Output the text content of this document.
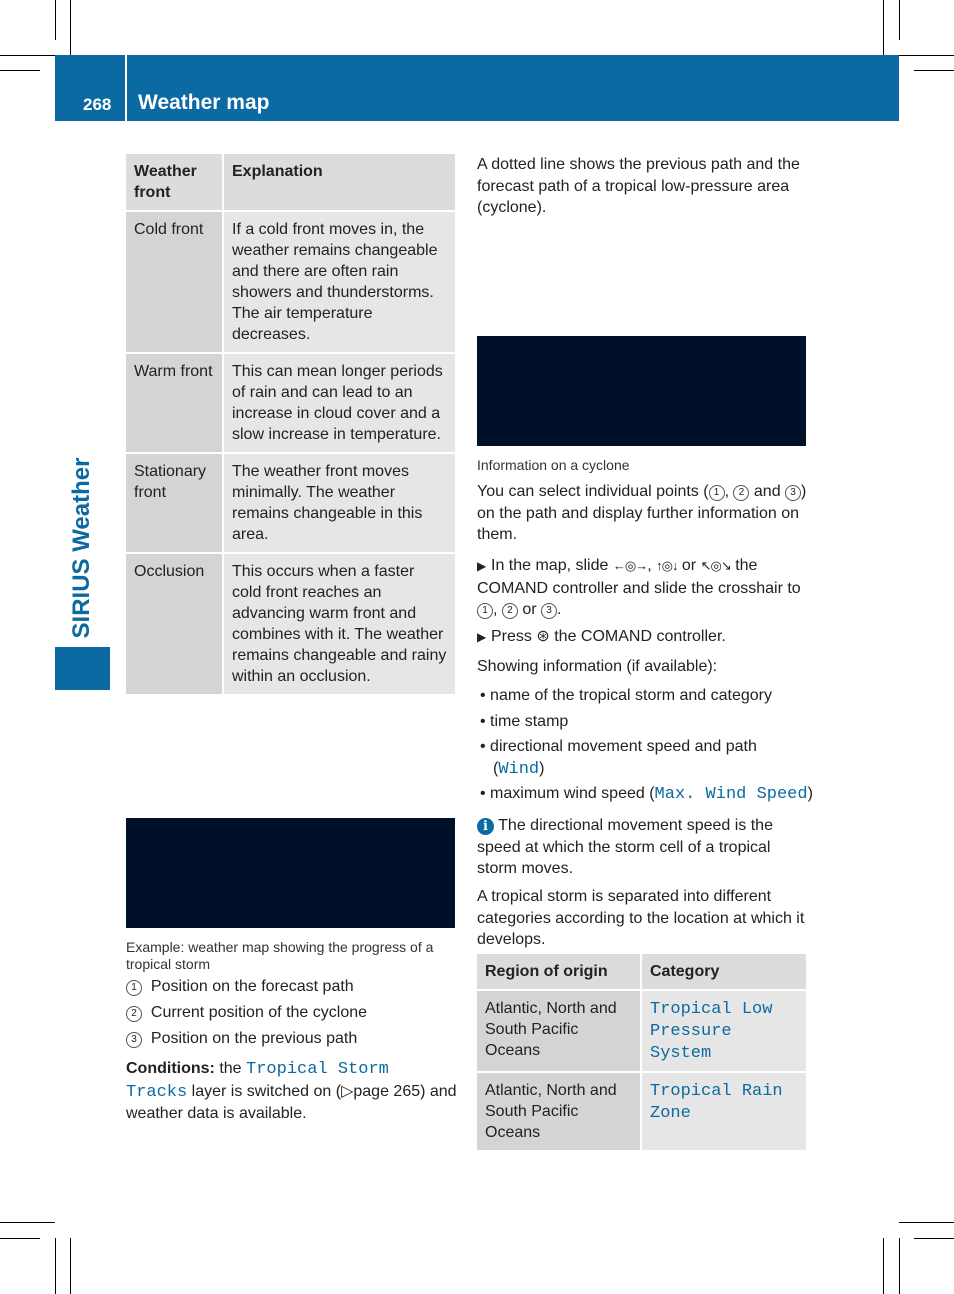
268 Weather map
SIRIUS Weather
Weather front	Explanation
Cold front	If a cold front moves in, the weather remains changeable and there are often rain showers and thunderstorms. The air temperature decreases.
Warm front	This can mean longer periods of rain and can lead to an increase in cloud cover and a slow increase in temperature.
Stationary front	The weather front moves minimally. The weather remains changeable in this area.
Occlusion	This occurs when a faster cold front reaches an advancing warm front and combines with it. The weather remains changeable and rainy within an occlusion.
Example: weather map showing the progress of a tropical storm
1 Position on the forecast path
2 Current position of the cyclone
3 Position on the previous path
Conditions: the Tropical Storm Tracks layer is switched on (▷page 265) and weather data is available.
A dotted line shows the previous path and the forecast path of a tropical low-pressure area (cyclone).
Information on a cyclone
You can select individual points ( 1 , 2 and 3 ) on the path and display further information on them.
▶ In the map, slide ←◎→, ↑◎↓ or ↖◎↘ the COMAND controller and slide the crosshair to 1 , 2 or 3 .
▶ Press ⊛ the COMAND controller.
Showing information (if available):
• name of the tropical storm and category
• time stamp
• directional movement speed and path
(Wind)
• maximum wind speed (Max. Wind Speed)
i The directional movement speed is the speed at which the storm cell of a tropical storm moves.
A tropical storm is separated into different categories according to the location at which it develops.
Region of origin	Category
Atlantic, North and South Pacific Oceans	Tropical Low Pressure System
Atlantic, North and South Pacific Oceans	Tropical Rain Zone
